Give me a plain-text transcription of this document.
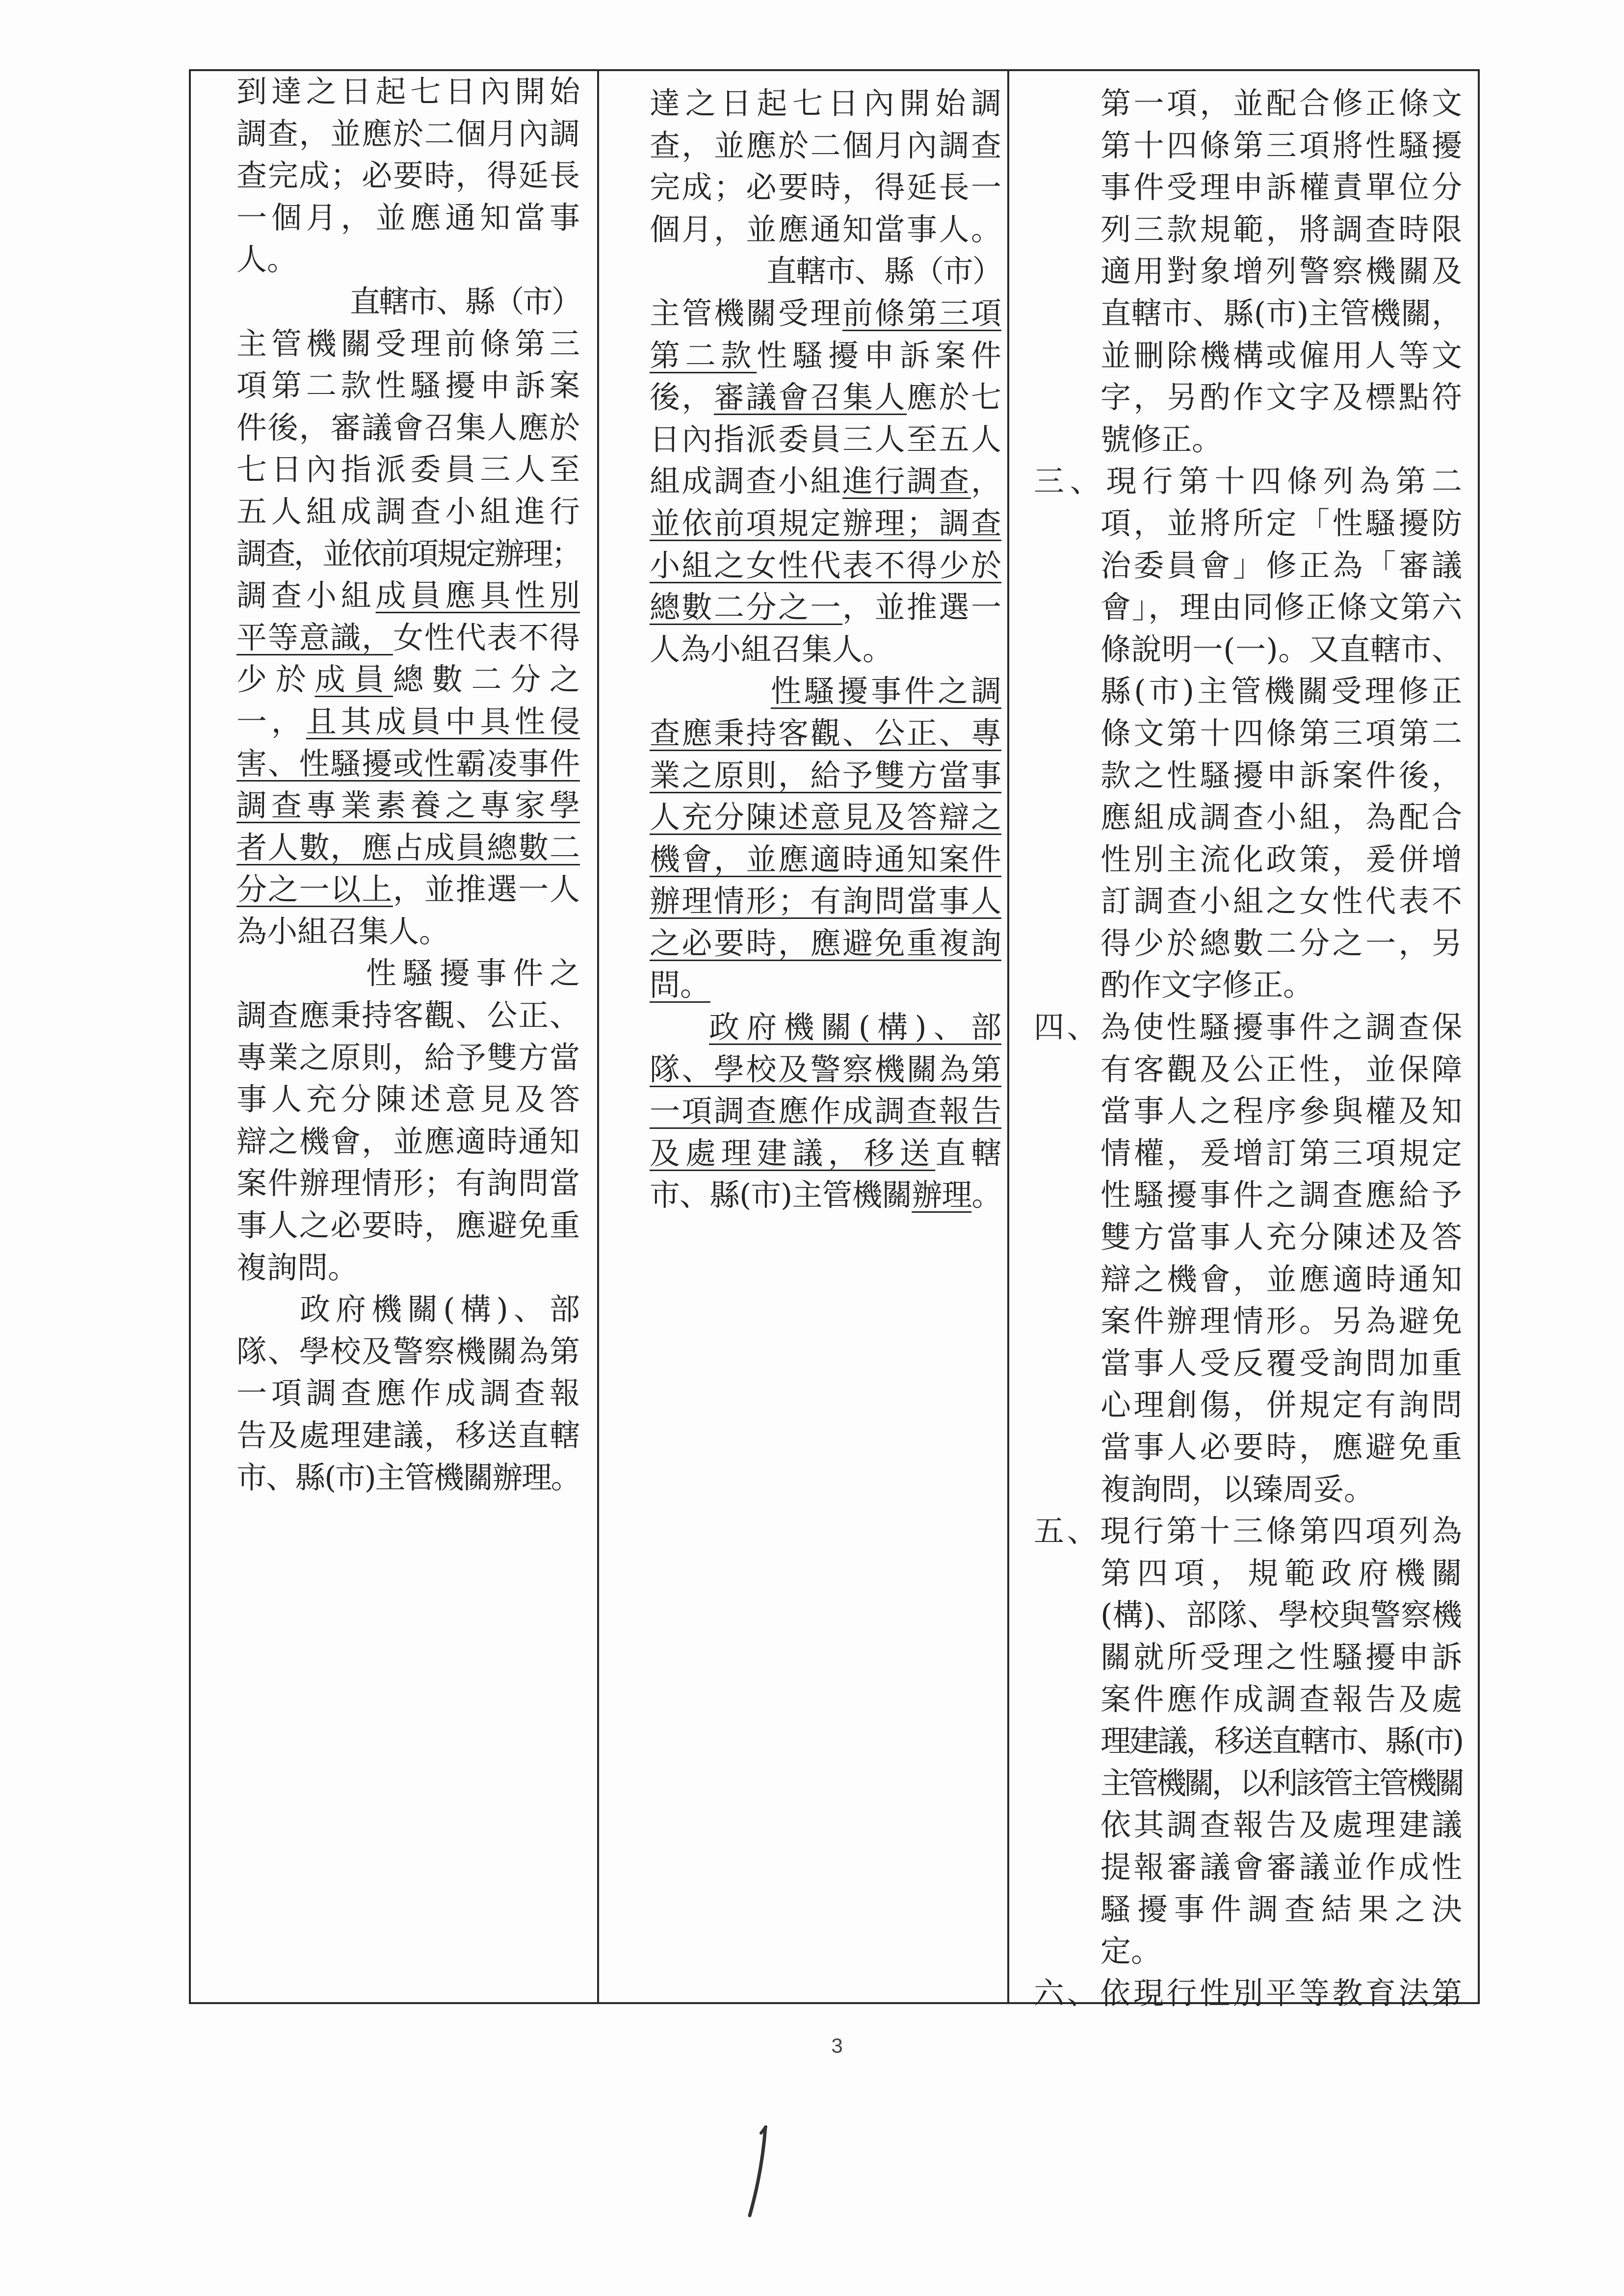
到達之日起七日內開始
調查，並應於二個月內調
查完成；必要時，得延長
一個月，並應通知當事
人。
直轄市、縣（市）
主管機關受理前條第三
項第二款性騷擾申訴案
件後，審議會召集人應於
七日內指派委員三人至
五人組成調查小組進行
調查，並依前項規定辦理；
調查小組成員應具性別
平等意識，女性代表不得
少於成員總數二分之
一，且其成員中具性侵
害、性騷擾或性霸凌事件
調查專業素養之專家學
者人數，應占成員總數二
分之一以上，並推選一人
為小組召集人。
性騷擾事件之
調查應秉持客觀、公正、
專業之原則，給予雙方當
事人充分陳述意見及答
辯之機會，並應適時通知
案件辦理情形；有詢問當
事人之必要時，應避免重
複詢問。
政府機關(構)、部
隊、學校及警察機關為第
一項調查應作成調查報
告及處理建議，移送直轄
市、縣(市)主管機關辦理。
達之日起七日內開始調
查，並應於二個月內調查
完成；必要時，得延長一
個月，並應通知當事人。
直轄市、縣（市）
主管機關受理前條第三項
第二款性騷擾申訴案件
後，審議會召集人應於七
日內指派委員三人至五人
組成調查小組進行調查，
並依前項規定辦理；調查
小組之女性代表不得少於
總數二分之一，並推選一
人為小組召集人。
性騷擾事件之調
查應秉持客觀、公正、專
業之原則，給予雙方當事
人充分陳述意見及答辯之
機會，並應適時通知案件
辦理情形；有詢問當事人
之必要時，應避免重複詢
問。
政府機關(構)、部
隊、學校及警察機關為第
一項調查應作成調查報告
及處理建議，移送直轄
市、縣(市)主管機關辦理。
第一項，並配合修正條文
第十四條第三項將性騷擾
事件受理申訴權責單位分
列三款規範，將調查時限
適用對象增列警察機關及
直轄市、縣(市)主管機關，
並刪除機構或僱用人等文
字，另酌作文字及標點符
號修正。
三、現行第十四條列為第二
項，並將所定「性騷擾防
治委員會」修正為「審議
會」，理由同修正條文第六
條說明一(一)。又直轄市、
縣(市)主管機關受理修正
條文第十四條第三項第二
款之性騷擾申訴案件後，
應組成調查小組，為配合
性別主流化政策，爰併增
訂調查小組之女性代表不
得少於總數二分之一，另
酌作文字修正。
四、為使性騷擾事件之調查保
有客觀及公正性，並保障
當事人之程序參與權及知
情權，爰增訂第三項規定
性騷擾事件之調查應給予
雙方當事人充分陳述及答
辯之機會，並應適時通知
案件辦理情形。另為避免
當事人受反覆受詢問加重
心理創傷，併規定有詢問
當事人必要時，應避免重
複詢問，以臻周妥。
五、現行第十三條第四項列為
第四項，規範政府機關
(構)、部隊、學校與警察機
關就所受理之性騷擾申訴
案件應作成調查報告及處
理建議，移送直轄市、縣(市)
主管機關，以利該管主管機關
依其調查報告及處理建議
提報審議會審議並作成性
騷擾事件調查結果之決
定。
六、依現行性別平等教育法第
3
